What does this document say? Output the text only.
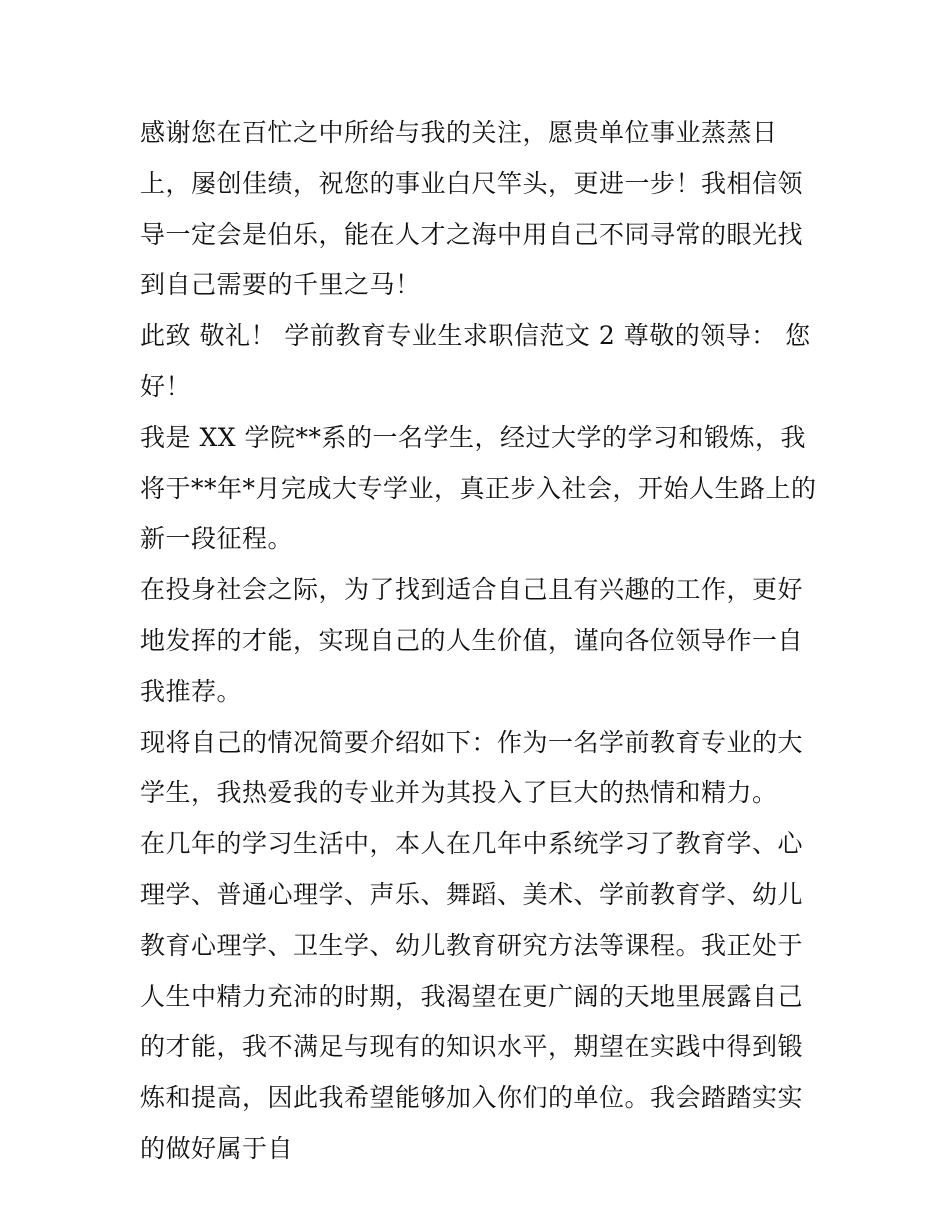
感谢您在百忙之中所给与我的关注，愿贵单位事业蒸蒸日上，屡创佳绩，祝您的事业白尺竿头，更进一步！我相信领导一定会是伯乐，能在人才之海中用自己不同寻常的眼光找到自己需要的千里之马！

此致 敬礼！ 学前教育专业生求职信范文 2 尊敬的领导： 您好！

我是 XX 学院**系的一名学生，经过大学的学习和锻炼，我将于**年*月完成大专学业，真正步入社会，开始人生路上的新一段征程。

在投身社会之际，为了找到适合自己且有兴趣的工作，更好地发挥的才能，实现自己的人生价值，谨向各位领导作一自我推荐。

现将自己的情况简要介绍如下：作为一名学前教育专业的大学生，我热爱我的专业并为其投入了巨大的热情和精力。

在几年的学习生活中，本人在几年中系统学习了教育学、心理学、普通心理学、声乐、舞蹈、美术、学前教育学、幼儿教育心理学、卫生学、幼儿教育研究方法等课程。我正处于人生中精力充沛的时期，我渴望在更广阔的天地里展露自己的才能，我不满足与现有的知识水平，期望在实践中得到锻炼和提高，因此我希望能够加入你们的单位。我会踏踏实实的做好属于自
